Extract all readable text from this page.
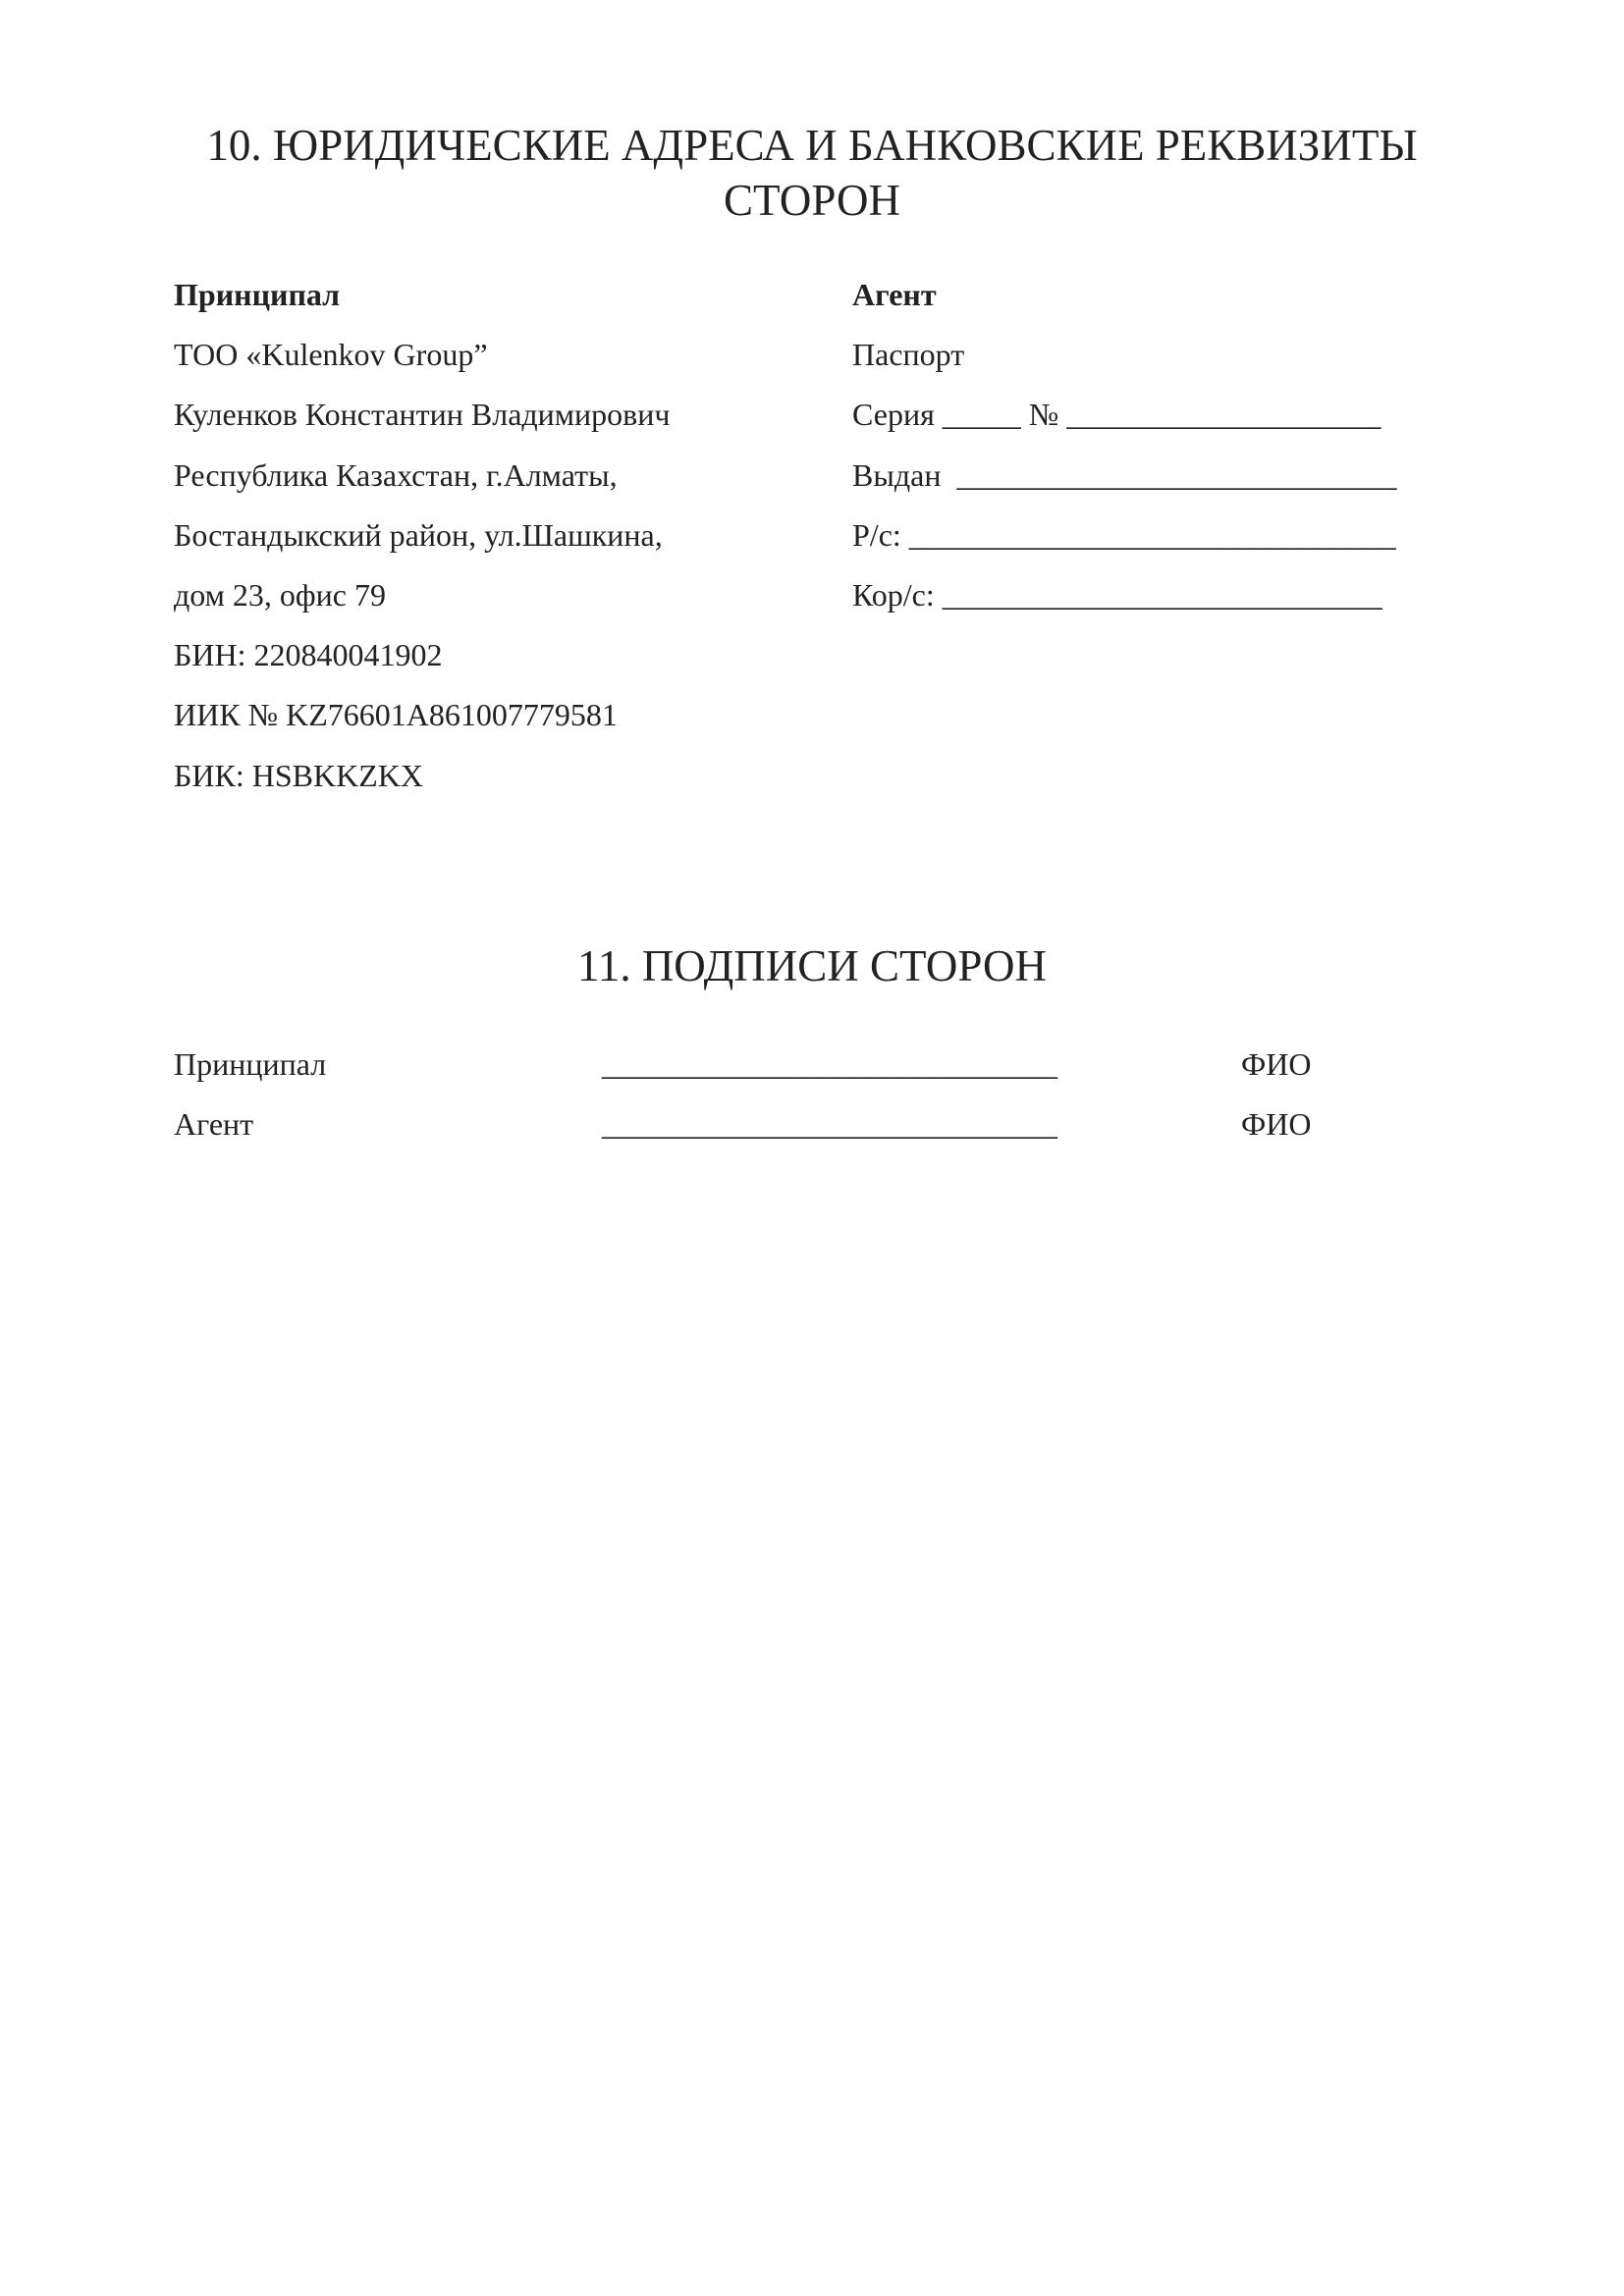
10. ЮРИДИЧЕСКИЕ АДРЕСА И БАНКОВСКИЕ РЕКВИЗИТЫ
СТОРОН
Принципал
ТОО «Kulenkov Group”
Куленков Константин Владимирович
Республика Казахстан, г.Алматы,
Бостандыкский район, ул.Шашкина,
дом 23, офис 79
БИН: 220840041902
ИИК № KZ76601A861007779581
БИК: HSBKKZKX
Агент
Паспорт
Серия _____ № ____________________
Выдан  ____________________________
Р/с: _______________________________
Кор/с: ____________________________
11. ПОДПИСИ СТОРОН
Принципал	_____________________________	ФИО
Агент	_____________________________	ФИО
